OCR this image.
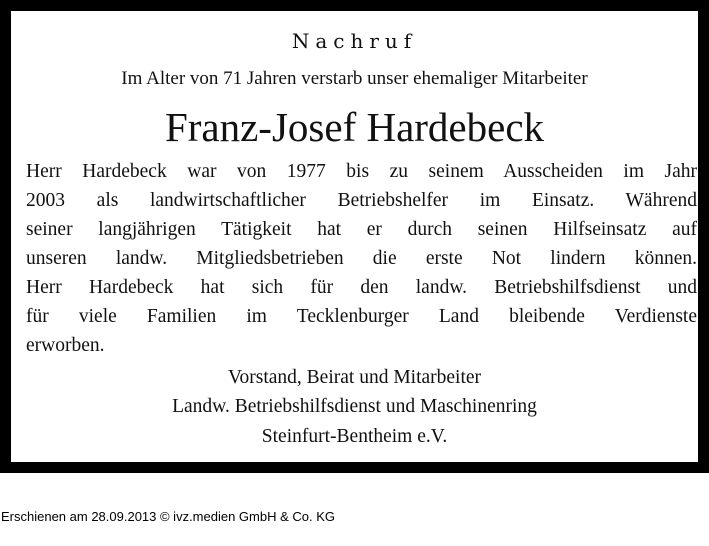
Nachruf
Im Alter von 71 Jahren verstarb unser ehemaliger Mitarbeiter
Franz-Josef Hardebeck
Herr Hardebeck war von 1977 bis zu seinem Ausscheiden im Jahr
2003 als landwirtschaftlicher Betriebshelfer im Einsatz. Während
seiner langjährigen Tätigkeit hat er durch seinen Hilfseinsatz auf
unseren landw. Mitgliedsbetrieben die erste Not lindern können.
Herr Hardebeck hat sich für den landw. Betriebshilfsdienst und
für viele Familien im Tecklenburger Land bleibende Verdienste
erworben.
Vorstand, Beirat und Mitarbeiter
Landw. Betriebshilfsdienst und Maschinenring
Steinfurt-Bentheim e.V.
Erschienen am 28.09.2013 © ivz.medien GmbH & Co. KG
